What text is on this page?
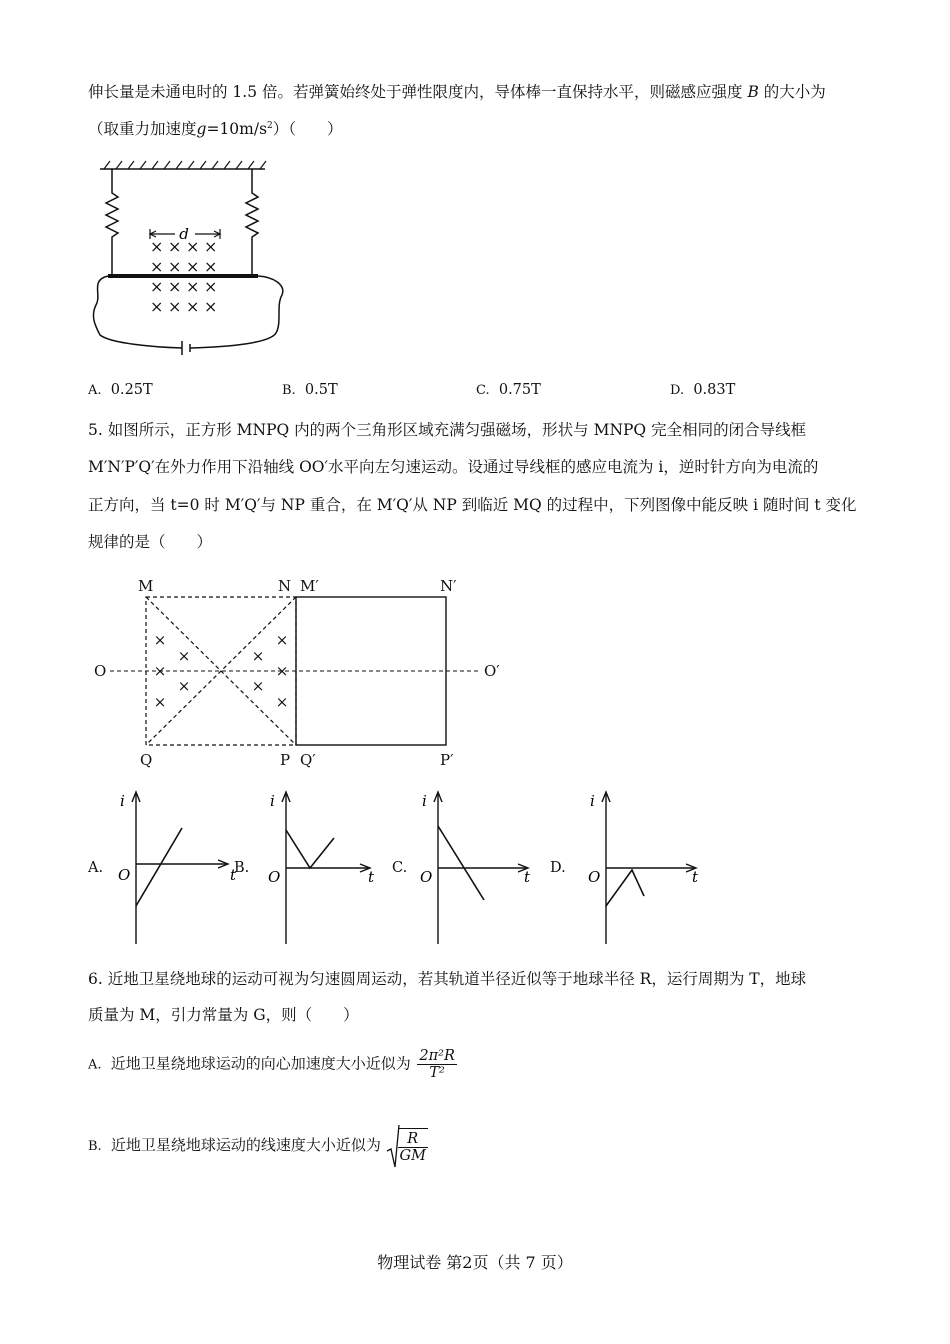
伸长量是未通电时的 1.5 倍。若弹簧始终处于弹性限度内，导体棒一直保持水平，则磁感应强度 B 的大小为
（取重力加速度$g=10m/s^2$）（　　）
d
× × × ×
× × × ×
× × × ×
× × × ×
A. 0.25T	B. 0.5T	C. 0.75T	D. 0.83T
5. 如图所示，正方形 MNPQ 内的两个三角形区域充满匀强磁场，形状与 MNPQ 完全相同的闭合导线框
M′N′P′Q′在外力作用下沿轴线 OO′水平向左匀速运动。设通过导线框的感应电流为 i，逆时针方向为电流的
正方向，当 t=0 时 M′Q′与 NP 重合，在 M′Q′从 NP 到临近 MQ 的过程中，下列图像中能反映 i 随时间 t 变化
规律的是（　　）
×
×
×
×
×
×
×
×
×
×
M	N M′	N′
O	O′
Q	P Q′	P′
A.
i
t
O	B.
i
t
O	C.
i
t
O	D.
i
t
O
6. 近地卫星绕地球的运动可视为匀速圆周运动，若其轨道半径近似等于地球半径 R，运行周期为 T，地球
质量为 M，引力常量为 G，则（　　）
A. 近地卫星绕地球运动的向心加速度大小近似为 $\frac{\text{2π²R}}{\text{T²}}$
B. 近地卫星绕地球运动的线速度大小近似为 $\frac{R}{GM}$
物理试卷 第2页（共 7 页）
